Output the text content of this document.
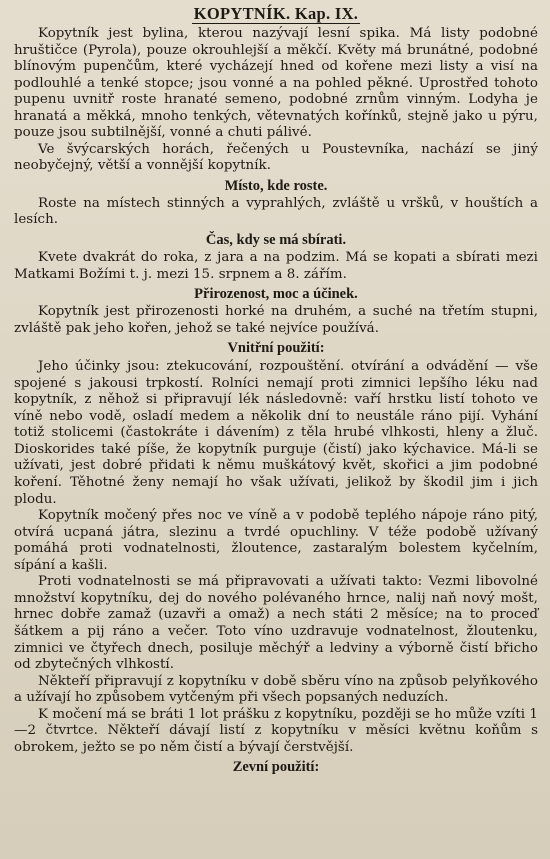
KOPYTNÍK. Kap. IX.

Kopytník jest bylina, kterou nazývají lesní spika. Má listy podobné hruštičce (Pyrola), pouze okrouhlejší a měkčí. Květy má brunátné, podobné blínovým pupenčům, které vycházejí hned od kořene mezi listy a visí na podlouhlé a tenké stopce; jsou vonné a na pohled pěkné. Uprostřed tohoto pupenu uvnitř roste hranaté semeno, podobné zrnům vinným. Lodyha je hranatá a měkká, mnoho tenkých, větevnatých kořínků, stejně jako u pýru, pouze jsou subtilnější, vonné a chuti pálivé.

Ve švýcarských horách, řečených u Poustevníka, nachází se jiný neobyčejný, větší a vonnější kopytník.

Místo, kde roste.

Roste na místech stinných a vyprahlých, zvláště u vršků, v houštích a lesích.

Čas, kdy se má sbírati.

Kvete dvakrát do roka, z jara a na podzim. Má se kopati a sbírati mezi Matkami Božími t. j. mezi 15. srpnem a 8. zářím.

Přirozenost, moc a účinek.

Kopytník jest přirozenosti horké na druhém, a suché na třetím stupni, zvláště pak jeho kořen, jehož se také nejvíce používá.

Vnitřní použití:

Jeho účinky jsou: ztekucování, rozpouštění. otvírání a odvádění — vše spojené s jakousi trpkostí. Rolníci nemají proti zimnici lepšího léku nad kopytník, z něhož si připravují lék následovně: vaří hrstku listí tohoto ve víně nebo vodě, osladí medem a několik dní to neustále ráno pijí. Vyhání totiž stolicemi (častokráte i dávením) z těla hrubé vlhkosti, hleny a žluč. Dioskorides také píše, že kopytník purguje (čistí) jako kýchavice. Má-li se užívati, jest dobré přidati k němu muškátový květ, skořici a jim podobné koření. Těhotné ženy nemají ho však užívati, jelikož by škodil jim i jich plodu.

Kopytník močený přes noc ve víně a v podobě teplého nápoje ráno pitý, otvírá ucpaná játra, slezinu a tvrdé opuchliny. V téže podobě užívaný pomáhá proti vodnatelnosti, žloutence, zastaralým bolestem kyčelním, sípání a kašli.

Proti vodnatelnosti se má připravovati a užívati takto: Vezmi libovolné množství kopytníku, dej do nového polévaného hrnce, nalij naň nový mošt, hrnec dobře zamaž (uzavři a omaž) a nech státi 2 měsíce; na to proceď šátkem a pij ráno a večer. Toto víno uzdravuje vodnatelnost, žloutenku, zimnici ve čtyřech dnech, posiluje měchýř a ledviny a výborně čistí břicho od zbytečných vlhkostí.

Někteří připravují z kopytníku v době sběru víno na způsob pelyňkového a užívají ho způsobem vytčeným při všech popsaných neduzích.

K močení má se bráti 1 lot prášku z kopytníku, později se ho může vzíti 1—2 čtvrtce. Někteří dávají listí z kopytníku v měsíci květnu koňům s obrokem, ježto se po něm čistí a bývají čerstvější.

Zevní použití:
